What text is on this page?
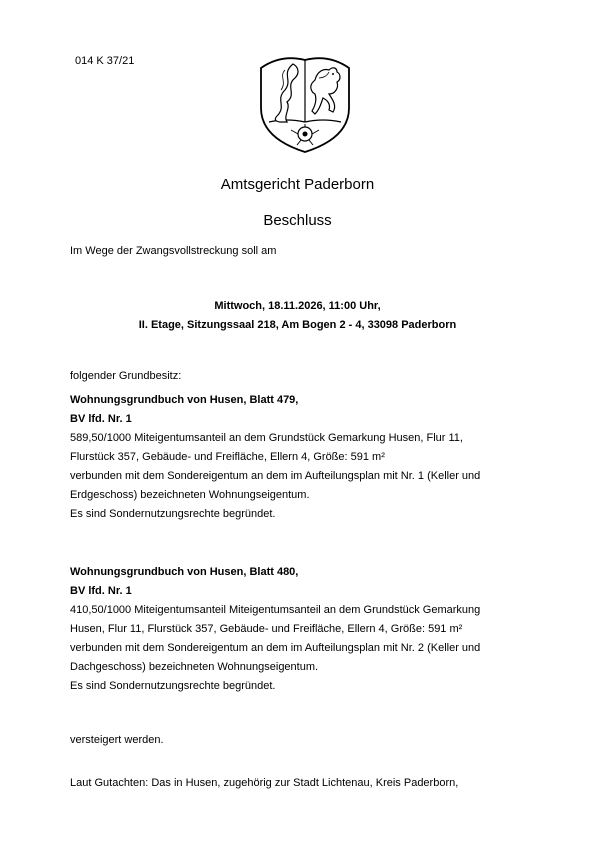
014 K 37/21
Amtsgericht Paderborn
Beschluss
Im Wege der Zwangsvollstreckung soll am
Mittwoch, 18.11.2026, 11:00 Uhr,
II. Etage, Sitzungssaal 218, Am Bogen 2 - 4, 33098 Paderborn
folgender Grundbesitz:
Wohnungsgrundbuch von Husen, Blatt 479,
BV lfd. Nr. 1
589,50/1000 Miteigentumsanteil an dem Grundstück Gemarkung Husen, Flur 11,
Flurstück 357, Gebäude- und Freifläche, Ellern 4, Größe: 591 m²
verbunden mit dem Sondereigentum an dem im Aufteilungsplan mit Nr. 1 (Keller und
Erdgeschoss) bezeichneten Wohnungseigentum.
Es sind Sondernutzungsrechte begründet.
Wohnungsgrundbuch von Husen, Blatt 480,
BV lfd. Nr. 1
410,50/1000 Miteigentumsanteil Miteigentumsanteil an dem Grundstück Gemarkung
Husen, Flur 11, Flurstück 357, Gebäude- und Freifläche, Ellern 4, Größe: 591 m²
verbunden mit dem Sondereigentum an dem im Aufteilungsplan mit Nr. 2 (Keller und
Dachgeschoss) bezeichneten Wohnungseigentum.
Es sind Sondernutzungsrechte begründet.
versteigert werden.
Laut Gutachten: Das in Husen, zugehörig zur Stadt Lichtenau, Kreis Paderborn,
